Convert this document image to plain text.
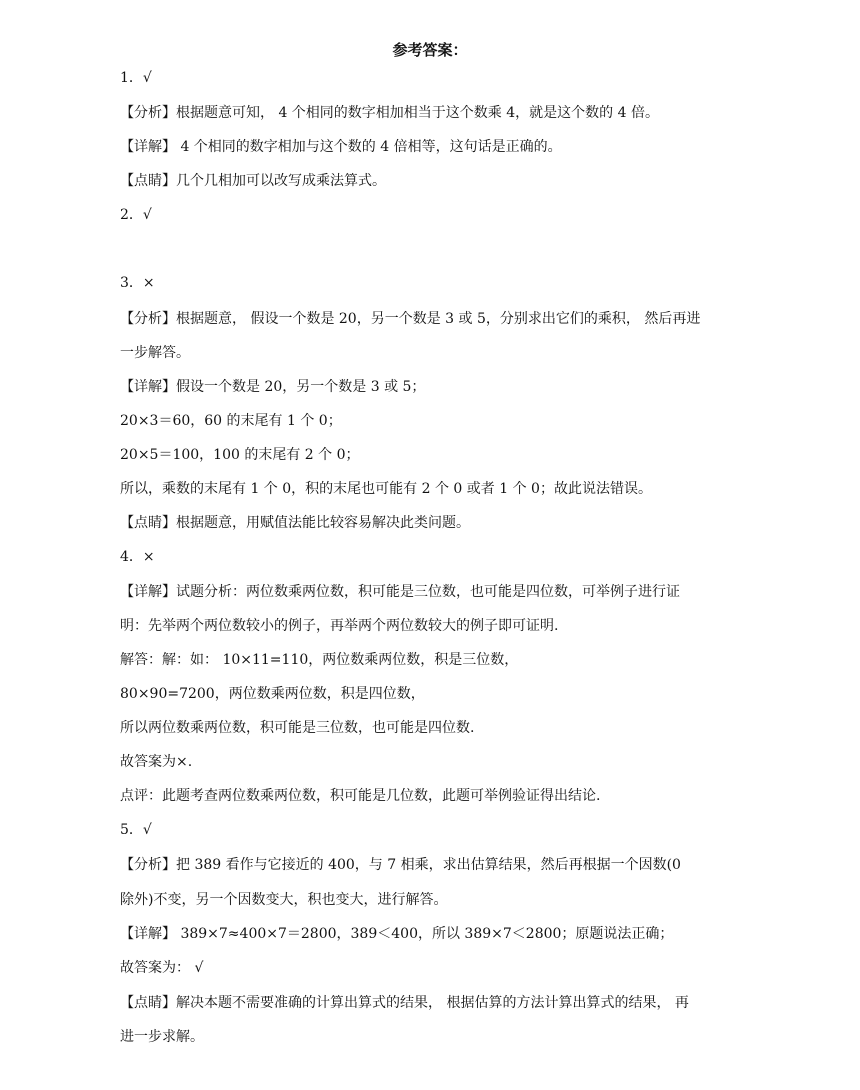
参考答案：
1．√
【分析】根据题意可知， 4 个相同的数字相加相当于这个数乘 4，就是这个数的 4 倍。
【详解】 4 个相同的数字相加与这个数的 4 倍相等，这句话是正确的。
【点睛】几个几相加可以改写成乘法算式。
2．√
3．×
【分析】根据题意， 假设一个数是 20，另一个数是 3 或 5，分别求出它们的乘积， 然后再进
一步解答。
【详解】假设一个数是 20，另一个数是 3 或 5；
20×3＝60，60 的末尾有 1 个 0；
20×5＝100，100 的末尾有 2 个 0；
所以，乘数的末尾有 1 个 0，积的末尾也可能有 2 个 0 或者 1 个 0；故此说法错误。
【点睛】根据题意，用赋值法能比较容易解决此类问题。
4．×
【详解】试题分析：两位数乘两位数，积可能是三位数，也可能是四位数，可举例子进行证
明：先举两个两位数较小的例子，再举两个两位数较大的例子即可证明.
解答：解：如： 10×11=110，两位数乘两位数，积是三位数，
80×90=7200，两位数乘两位数，积是四位数，
所以两位数乘两位数，积可能是三位数，也可能是四位数.
故答案为×.
点评：此题考查两位数乘两位数，积可能是几位数，此题可举例验证得出结论.
5．√
【分析】把 389 看作与它接近的 400，与 7 相乘，求出估算结果，然后再根据一个因数(0
除外)不变，另一个因数变大，积也变大，进行解答。
【详解】 389×7≈400×7＝2800，389＜400，所以 389×7＜2800；原题说法正确；
故答案为： √
【点睛】解决本题不需要准确的计算出算式的结果， 根据估算的方法计算出算式的结果， 再
进一步求解。
